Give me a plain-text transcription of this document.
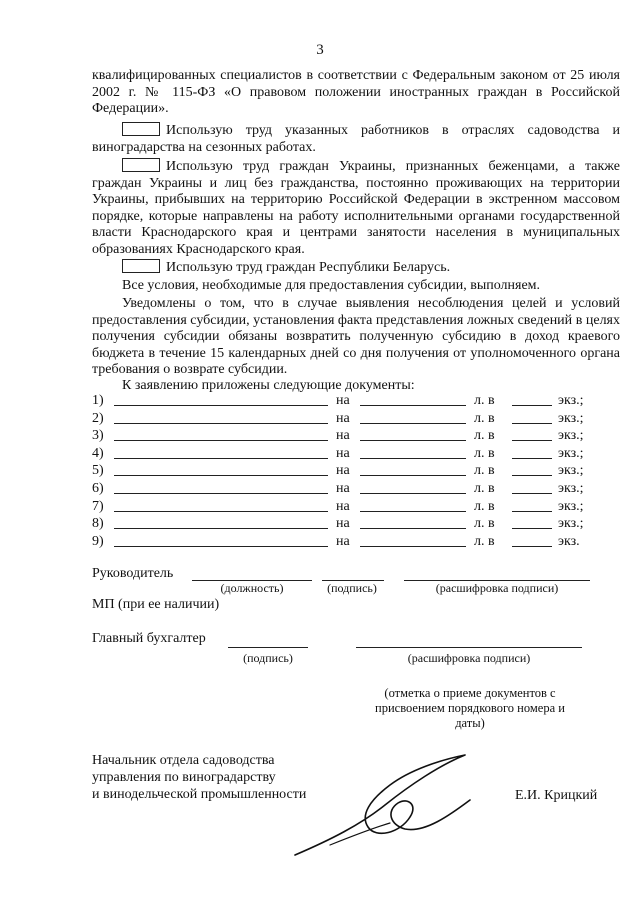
3
квалифицированных специалистов в соответствии с Федеральным законом от 25 июля 2002 г. № 115-ФЗ «О правовом положении иностранных граждан в Российской Федерации».
Использую труд указанных работников в отраслях садоводства и виноградарства на сезонных работах.
Использую труд граждан Украины, признанных беженцами, а также граждан Украины и лиц без гражданства, постоянно проживающих на территории Украины, прибывших на территорию Российской Федерации в экстренном массовом порядке, которые направлены на работу исполнительными органами государственной власти Краснодарского края и центрами занятости населения в муниципальных образованиях Краснодарского края.
Использую труд граждан Республики Беларусь.
Все условия, необходимые для предоставления субсидии, выполняем.
Уведомлены о том, что в случае выявления несоблюдения целей и условий предоставления субсидии, установления факта представления ложных сведений в целях получения субсидии обязаны возвратить полученную субсидию в доход краевого бюджета в течение 15 календарных дней со дня получения от уполномоченного органа требования о возврате субсидии.
К заявлению приложены следующие документы:
1)	на	л. в	экз.;
2)	на	л. в	экз.;
3)	на	л. в	экз.;
4)	на	л. в	экз.;
5)	на	л. в	экз.;
6)	на	л. в	экз.;
7)	на	л. в	экз.;
8)	на	л. в	экз.;
9)	на	л. в	экз.
Руководитель
(должность)	(подпись)	(расшифровка подписи)
МП (при ее наличии)
Главный бухгалтер
(подпись)	(расшифровка подписи)
(отметка о приеме документов с присвоением порядкового номера и даты)
Начальник отдела садоводства
управления по виноградарству
и винодельческой промышленности	Е.И. Крицкий
